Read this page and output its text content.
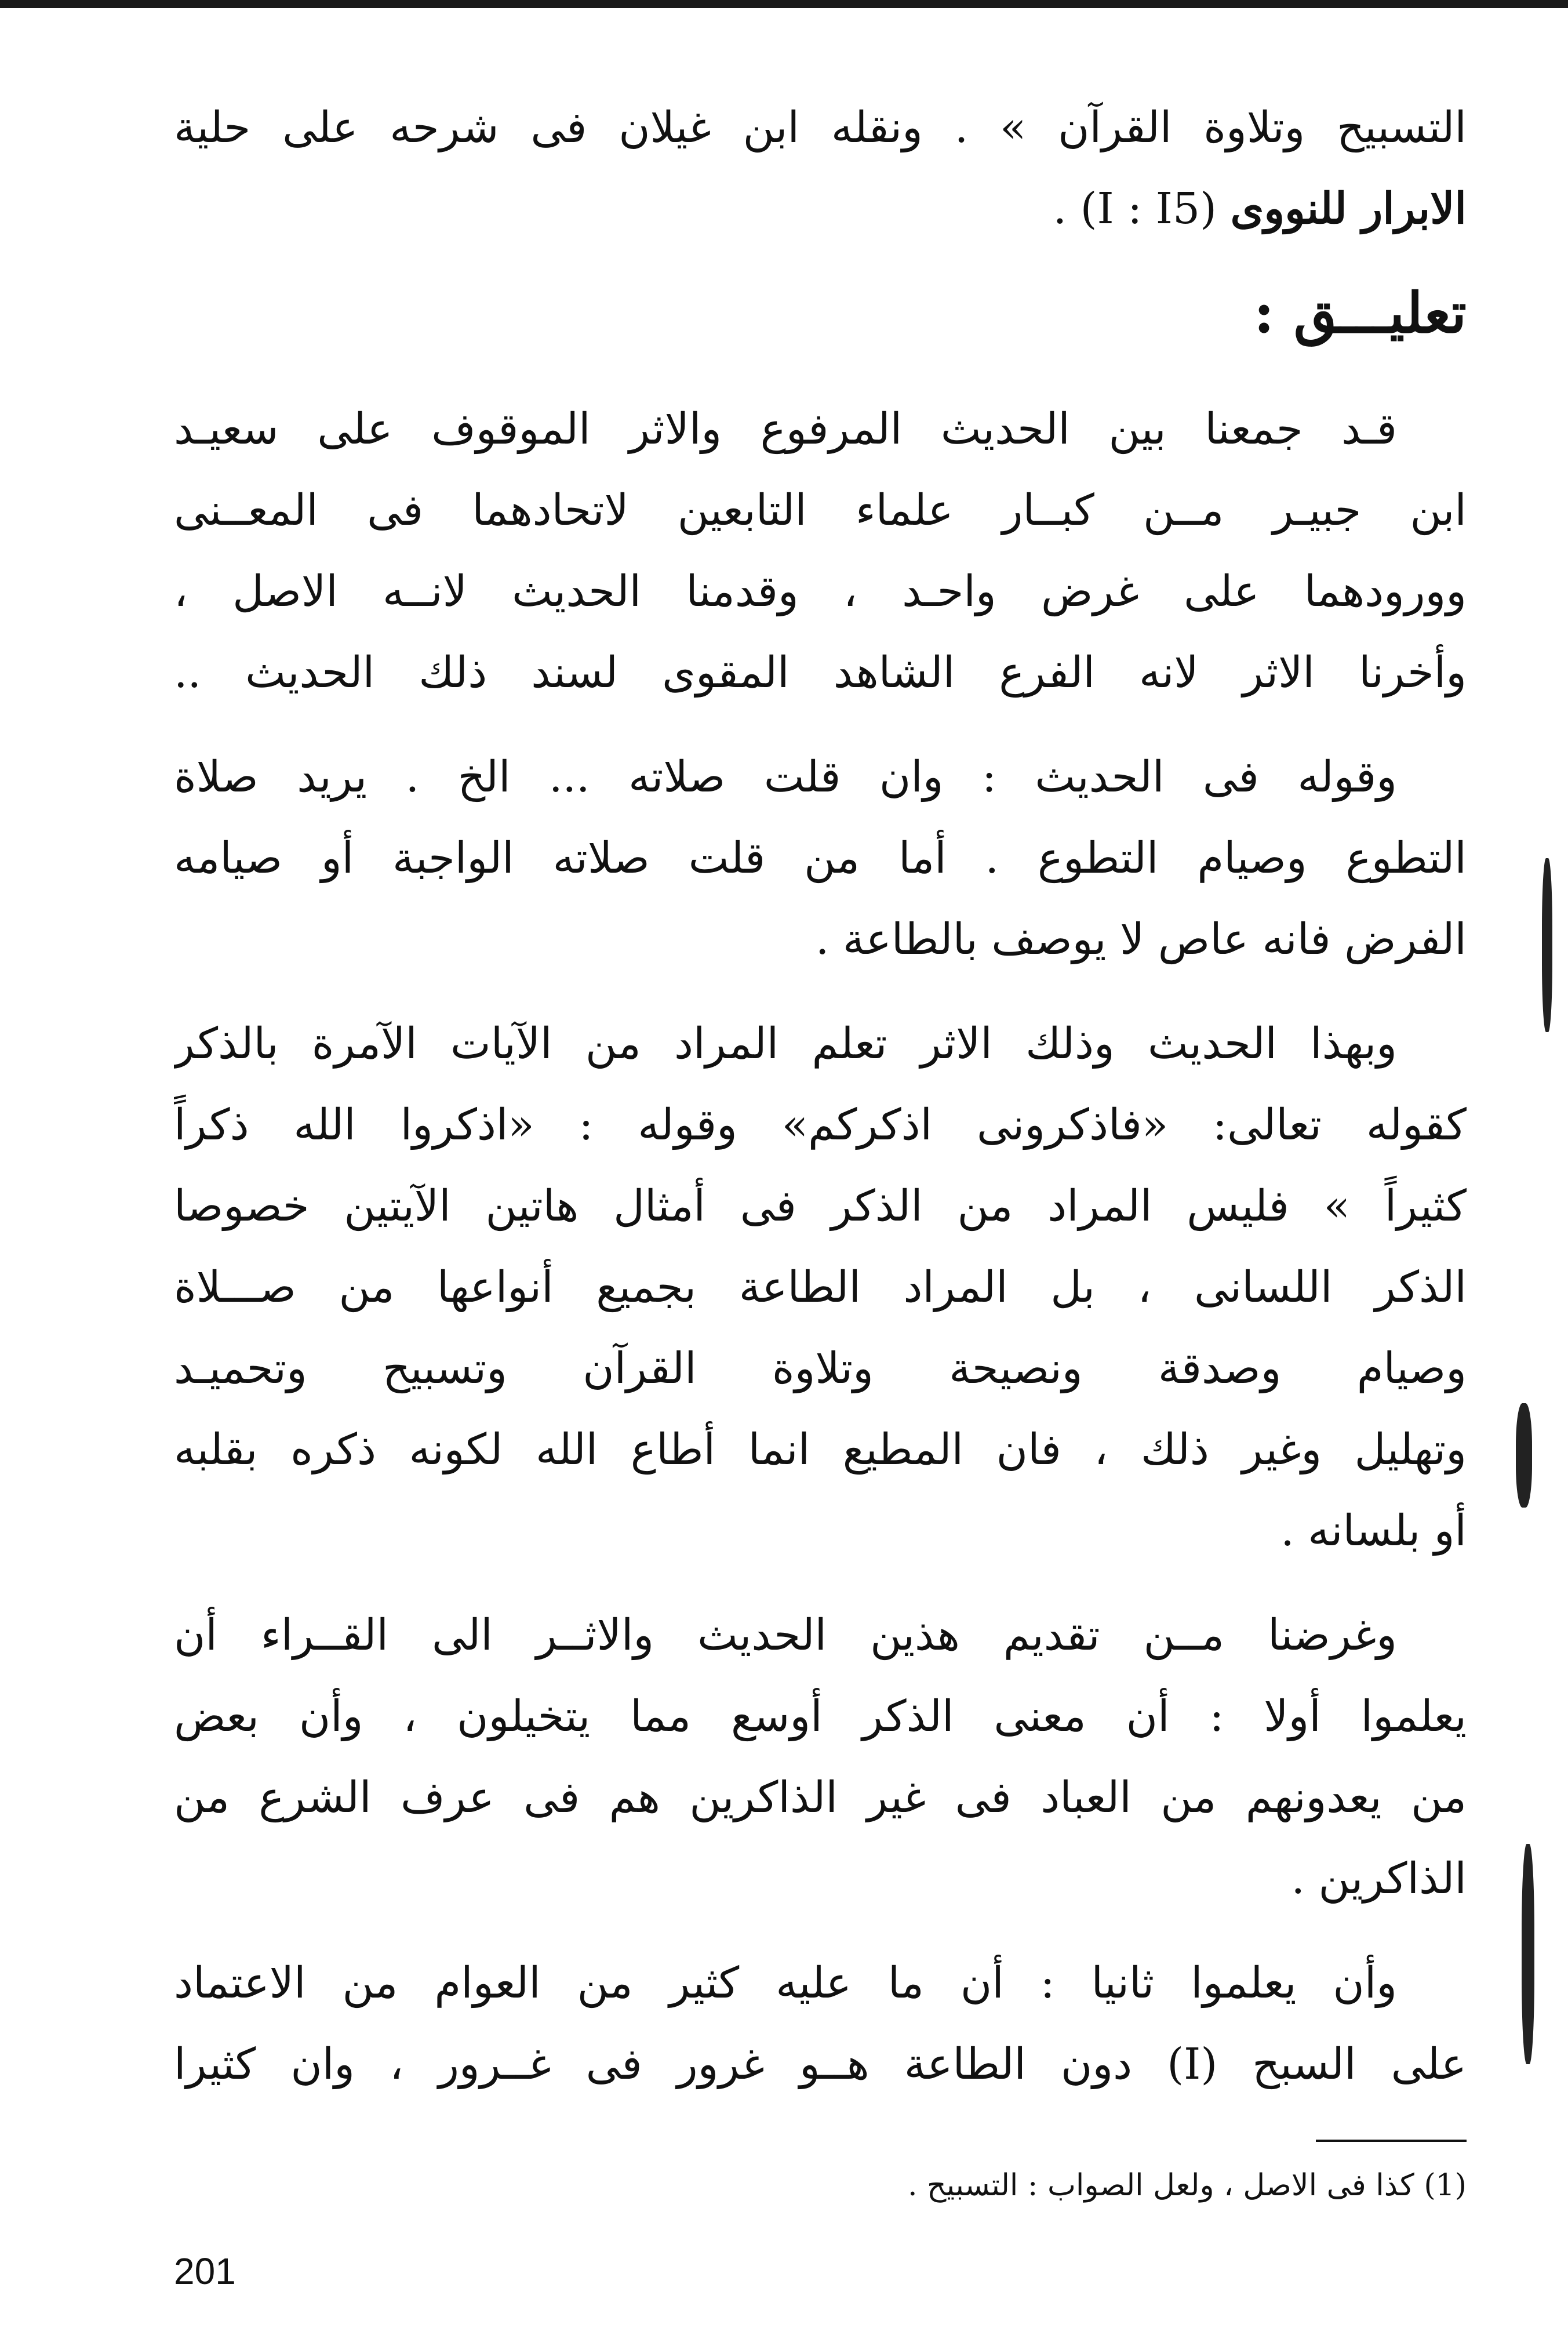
التسبيح وتلاوة القرآن » . ونقله ابن غيلان فى شرحه على حلية
الابرار للنووى (I : I5) .
تعليـــق :
قـد جمعنا بين الحديث المرفوع والاثر الموقوف على سعيـد
ابن جبيـر مــن كبــار علماء التابعين لاتحادهما فى المعــنى
وورودهما على غرض واحـد ، وقدمنا الحديث لانــه الاصل ،
وأخرنا الاثر لانه الفرع الشاهد المقوى لسند ذلك الحديث ..
وقوله فى الحديث : وان قلت صلاته ... الخ . يريد صلاة
التطوع وصيام التطوع . أما من قلت صلاته الواجبة أو صيامه
الفرض فانه عاص لا يوصف بالطاعة .
وبهذا الحديث وذلك الاثر تعلم المراد من الآيات الآمرة بالذكر
كقوله تعالى: «فاذكرونى اذكركم» وقوله : «اذكروا الله ذكراً
كثيراً » فليس المراد من الذكر فى أمثال هاتين الآيتين خصوصا
الذكر اللسانى ، بل المراد الطاعة بجميع أنواعها من صـــلاة
وصيام وصدقة ونصيحة وتلاوة القرآن وتسبيح وتحميـد
وتهليل وغير ذلك ، فان المطيع انما أطاع الله لكونه ذكره بقلبه
أو بلسانه .
وغرضنا مــن تقديم هذين الحديث والاثــر الى القــراء أن
يعلموا أولا : أن معنى الذكر أوسع مما يتخيلون ، وأن بعض
من يعدونهم من العباد فى غير الذاكرين هم فى عرف الشرع من
الذاكرين .
وأن يعلموا ثانيا : أن ما عليه كثير من العوام من الاعتماد
على السبح (I) دون الطاعة هــو غرور فى غــرور ، وان كثيرا
(1) كذا فى الاصل ، ولعل الصواب : التسبيح .
201
